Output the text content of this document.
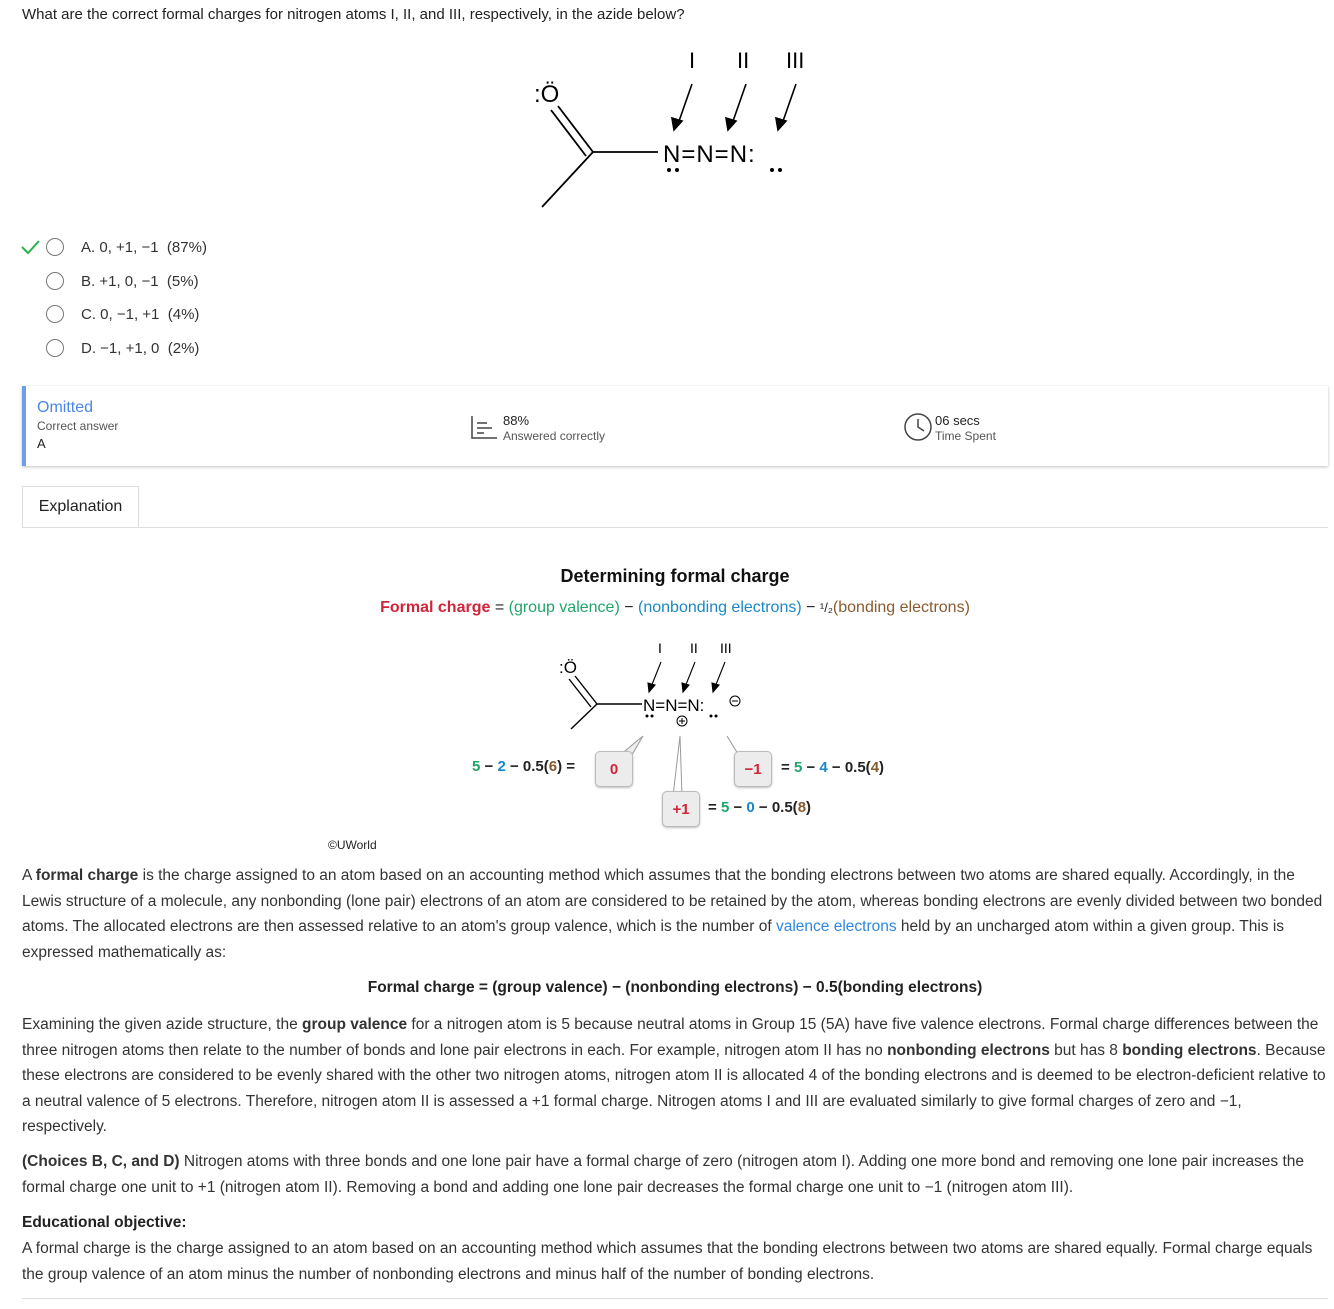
What are the correct formal charges for nitrogen atoms I, II, and III, respectively, in the azide below?
:Ö
N=N=N:
I II III
A.
0, +1, −1
(87%)
B.
+1, 0, −1
(5%)
C.
0, −1, +1
(4%)
D.
−1, +1, 0
(2%)
Omitted
Correct answer
A
88%
Answered correctly
06 secs
Time Spent
Explanation
Determining formal charge
Formal charge = (group valence) − (nonbonding electrons) − ¹/₂(bonding electrons)
:Ö
N=N=N:
I II III
5 − 2 − 0.5(6) =	0
+1	= 5 − 0 − 0.5(8)
−1	= 5 − 4 − 0.5(4)
©UWorld
A formal charge is the charge assigned to an atom based on an accounting method which assumes that the bonding electrons between two atoms are shared equally. Accordingly, in the Lewis structure of a molecule, any nonbonding (lone pair) electrons of an atom are considered to be retained by the atom, whereas bonding electrons are evenly divided between two bonded atoms. The allocated electrons are then assessed relative to an atom's group valence, which is the number of valence electrons held by an uncharged atom within a given group. This is expressed mathematically as:
Formal charge = (group valence) − (nonbonding electrons) − 0.5(bonding electrons)
Examining the given azide structure, the group valence for a nitrogen atom is 5 because neutral atoms in Group 15 (5A) have five valence electrons. Formal charge differences between the three nitrogen atoms then relate to the number of bonds and lone pair electrons in each. For example, nitrogen atom II has no nonbonding electrons but has 8 bonding electrons. Because these electrons are considered to be evenly shared with the other two nitrogen atoms, nitrogen atom II is allocated 4 of the bonding electrons and is deemed to be electron-deficient relative to a neutral valence of 5 electrons. Therefore, nitrogen atom II is assessed a +1 formal charge. Nitrogen atoms I and III are evaluated similarly to give formal charges of zero and −1, respectively.
(Choices B, C, and D) Nitrogen atoms with three bonds and one lone pair have a formal charge of zero (nitrogen atom I). Adding one more bond and removing one lone pair increases the formal charge one unit to +1 (nitrogen atom II). Removing a bond and adding one lone pair decreases the formal charge one unit to −1 (nitrogen atom III).
Educational objective:
A formal charge is the charge assigned to an atom based on an accounting method which assumes that the bonding electrons between two atoms are shared equally. Formal charge equals the group valence of an atom minus the number of nonbonding electrons and minus half of the number of bonding electrons.
